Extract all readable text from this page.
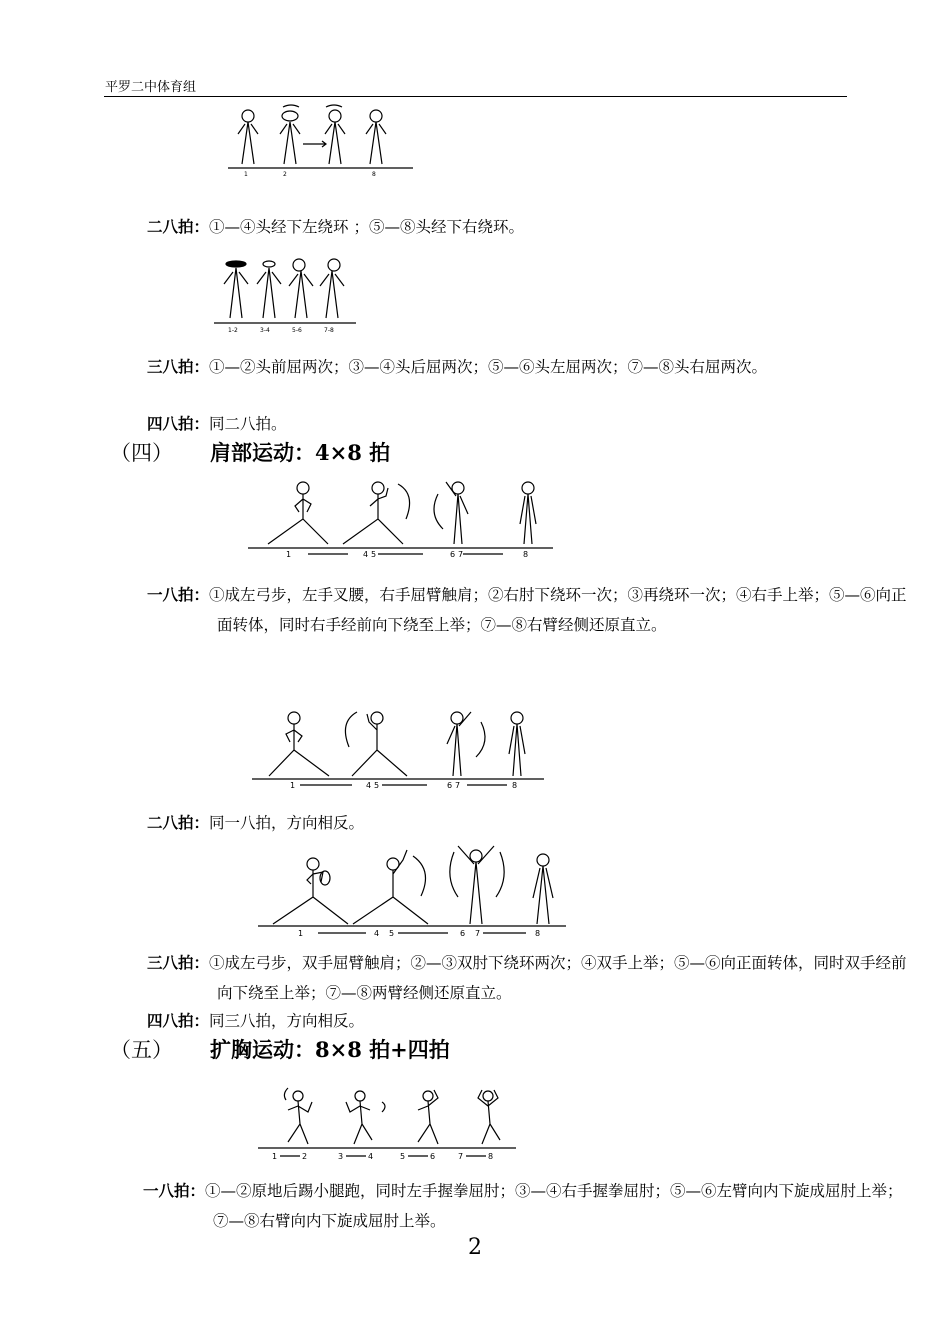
平罗二中体育组
1	2	8
二八拍：①—④头经下左绕环 ；⑤—⑧头经下右绕环。
1-2	3-4	5-6	7-8
三八拍：①—②头前屈两次；③—④头后屈两次；⑤—⑥头左屈两次；⑦—⑧头右屈两次。
四八拍：同二八拍。
（四） 肩部运动：4×8 拍
1	4 5	6 7	8
一八拍：①成左弓步，左手叉腰，右手屈臂触肩；②右肘下绕环一次；③再绕环一次；④右手上举；⑤—⑥向正面转体，同时右手经前向下绕至上举；⑦—⑧右臂经侧还原直立。
1	4 5	6 7	8
二八拍：同一八拍，方向相反。
1	4 5	6 7	8
三八拍：①成左弓步，双手屈臂触肩；②—③双肘下绕环两次；④双手上举；⑤—⑥向正面转体，同时双手经前向下绕至上举；⑦—⑧两臂经侧还原直立。
四八拍：同三八拍，方向相反。
（五） 扩胸运动：8×8 拍+四拍
1	2	3	4	5	6	7	8
一八拍：①—②原地后踢小腿跑，同时左手握拳屈肘；③—④右手握拳屈肘；⑤—⑥左臂向内下旋成屈肘上举；⑦—⑧右臂向内下旋成屈肘上举。
2
